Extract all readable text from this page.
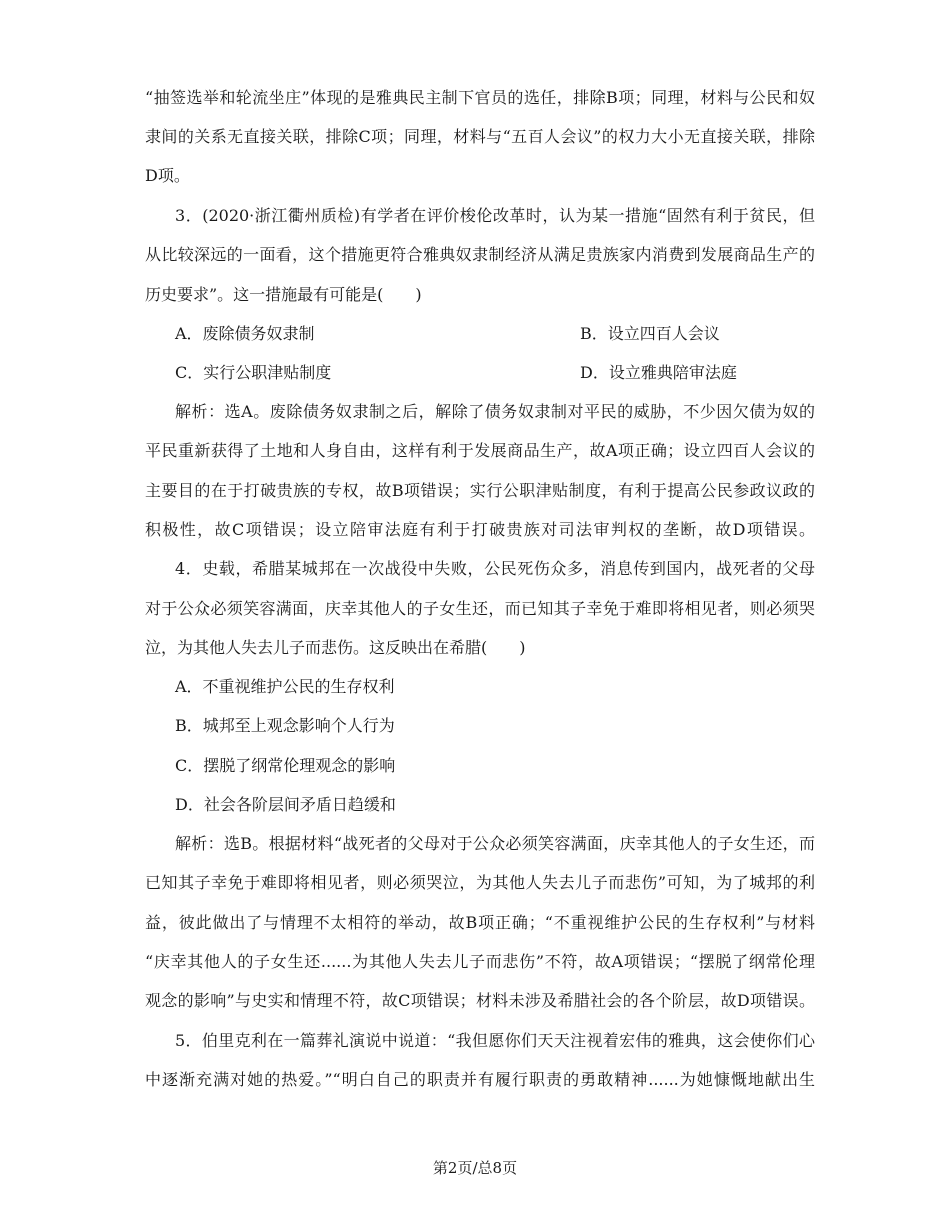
“抽签选举和轮流坐庄”体现的是雅典民主制下官员的选任，排除B项；同理，材料与公民和奴
隶间的关系无直接关联，排除C项；同理，材料与“五百人会议”的权力大小无直接关联，排除
D项。
3．(2020·浙江衢州质检)有学者在评价梭伦改革时，认为某一措施“固然有利于贫民，但
从比较深远的一面看，这个措施更符合雅典奴隶制经济从满足贵族家内消费到发展商品生产的
历史要求”。这一措施最有可能是(　　)
A．废除债务奴隶制	B．设立四百人会议
C．实行公职津贴制度	D．设立雅典陪审法庭
解析：选A。废除债务奴隶制之后，解除了债务奴隶制对平民的威胁，不少因欠债为奴的
平民重新获得了土地和人身自由，这样有利于发展商品生产，故A项正确；设立四百人会议的
主要目的在于打破贵族的专权，故B项错误；实行公职津贴制度，有利于提高公民参政议政的
积极性，故C项错误；设立陪审法庭有利于打破贵族对司法审判权的垄断，故D项错误。
4．史载，希腊某城邦在一次战役中失败，公民死伤众多，消息传到国内，战死者的父母
对于公众必须笑容满面，庆幸其他人的子女生还，而已知其子幸免于难即将相见者，则必须哭
泣，为其他人失去儿子而悲伤。这反映出在希腊(　　)
A．不重视维护公民的生存权利
B．城邦至上观念影响个人行为
C．摆脱了纲常伦理观念的影响
D．社会各阶层间矛盾日趋缓和
解析：选B。根据材料“战死者的父母对于公众必须笑容满面，庆幸其他人的子女生还，而
已知其子幸免于难即将相见者，则必须哭泣，为其他人失去儿子而悲伤”可知，为了城邦的利
益，彼此做出了与情理不太相符的举动，故B项正确；“不重视维护公民的生存权利”与材料
“庆幸其他人的子女生还......为其他人失去儿子而悲伤”不符，故A项错误；“摆脱了纲常伦理
观念的影响”与史实和情理不符，故C项错误；材料未涉及希腊社会的各个阶层，故D项错误。
5．伯里克利在一篇葬礼演说中说道：“我但愿你们天天注视着宏伟的雅典，这会使你们心
中逐渐充满对她的热爱。”“明白自己的职责并有履行职责的勇敢精神......为她慷慨地献出生
第2页/总8页
